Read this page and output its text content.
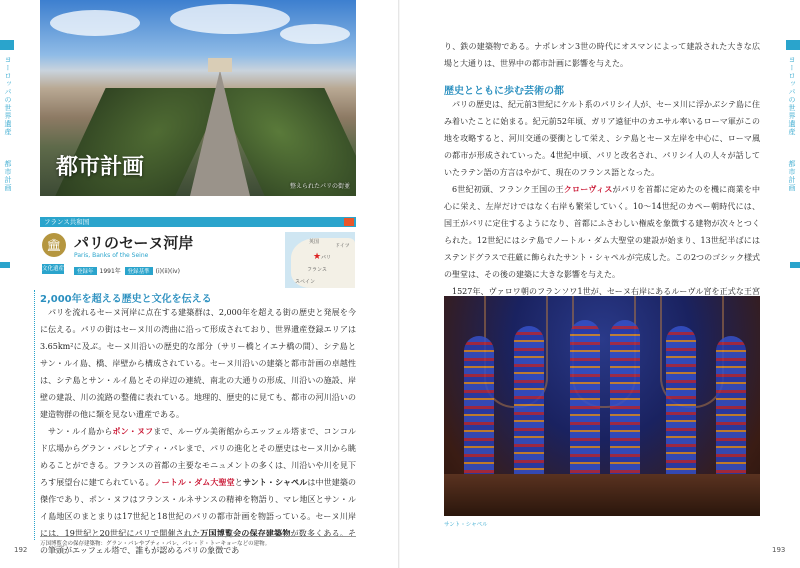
ヨーロッパの世界遺産
都市計画	整えられたパリの街並
都市計画
フランス共和国
🏛 パリのセーヌ河岸
Paris, Banks of the Seine
文化遺産	登録年 1991年 登録基準 (i)(ii)(iv)
英国
ドイツ
★ パリ
フランス
スペイン
2,000年を超える歴史と文化を伝える

パリを流れるセーヌ河岸に点在する建築群は、2,000年を超える街の歴史と発展を今に伝える。パリの街はセーヌ川の湾曲に沿って形成されており、世界遺産登録エリアは3.65km²に及ぶ。セーヌ川沿いの歴史的な部分（サリー橋とイエナ橋の間）、シテ島とサン・ルイ島、橋、岸壁から構成されている。セーヌ川沿いの建築と都市計画の卓越性は、シテ島とサン・ルイ島とその岸辺の連続、南北の大通りの形成、川沿いの施設、岸壁の建設、川の流路の整備に表れている。地理的、歴史的に見ても、都市の河川沿いの建造物群の他に類を見ない遺産である。

サン・ルイ島からポン・ヌフまで、ルーヴル美術館からエッフェル塔まで、コンコルド広場からグラン・パレとプティ・パレまで、パリの進化とその歴史はセーヌ川から眺めることができる。フランスの首都の主要なモニュメントの多くは、川沿いや川を見下ろす展望台に建てられている。ノートル・ダム大聖堂とサント・シャペルは中世建築の傑作であり、ポン・ヌフはフランス・ルネサンスの精神を物語り、マレ地区とサン・ルイ島地区のまとまりは17世紀と18世紀のパリの都市計画を物語っている。セーヌ川岸には、19世紀と20世紀にパリで開催された万国博覧会の保存建築物が数多くある。その筆頭がエッフェル塔で、誰もが認めるパリの象徴であ

万国博覧会の保存建築物：グラン・パレやプティ・パレ、パレ・ド・トーキョーなどの建物。
192
ヨーロッパの世界遺産
都市計画

り、鉄の建築物である。ナポレオン3世の時代にオスマンによって建設された大きな広場と大通りは、世界中の都市計画に影響を与えた。

歴史とともに歩む芸術の都

パリの歴史は、紀元前3世紀にケルト系のパリシイ人が、セーヌ川に浮かぶシテ島に住み着いたことに始まる。紀元前52年頃、ガリア遠征中のカエサル率いるローマ軍がこの地を攻略すると、河川交通の要衝として栄え、シテ島とセーヌ左岸を中心に、ローマ風の都市が形成されていった。4世紀中頃、パリと改名され、パリシイ人の人々が話していたラテン語の方言はやがて、現在のフランス語となった。

6世紀初頭、フランク王国の王クローヴィスがパリを首都に定めたのを機に商業を中心に栄え、左岸だけではなく右岸も繁栄していく。10〜14世紀のカペー朝時代には、国王がパリに定住するようになり、首都にふさわしい権威を象徴する建物が次々とつくられた。12世紀にはシテ島でノートル・ダム大聖堂の建設が始まり、13世紀半ばにはステンドグラスで荘厳に飾られたサント・シャペルが完成した。この2つのゴシック様式の聖堂は、その後の建築に大きな影響を与えた。

1527年、ヴァロワ朝のフランソワ1世が、セーヌ右岸にあるルーヴル宮を正式な王宮

サント・シャペル
193
